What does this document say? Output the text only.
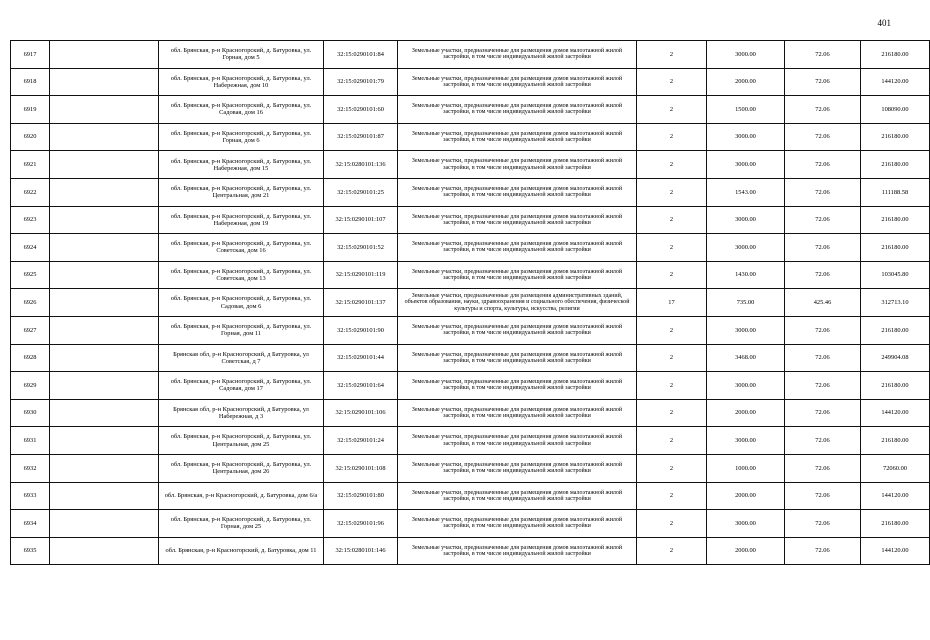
401
6917		обл. Брянская, р-н Красногорский, д. Батуровка, ул. Горная, дом 5	32:15:0290101:84	Земельные участки, предназначенные для размещения домов малоэтажной жилой застройки, в том числе индивидуальной жилой застройки	2	3000.00	72.06	216180.00
6918		обл. Брянская, р-н Красногорский, д. Батуровка, ул. Набережная, дом 10	32:15:0290101:79	Земельные участки, предназначенные для размещения домов малоэтажной жилой застройки, в том числе индивидуальной жилой застройки	2	2000.00	72.06	144120.00
6919		обл. Брянская, р-н Красногорский, д. Батуровка, ул. Садовая, дом 16	32:15:0290101:60	Земельные участки, предназначенные для размещения домов малоэтажной жилой застройки, в том числе индивидуальной жилой застройки	2	1500.00	72.06	108090.00
6920		обл. Брянская, р-н Красногорский, д. Батуровка, ул. Горная, дом 6	32:15:0290101:87	Земельные участки, предназначенные для размещения домов малоэтажной жилой застройки, в том числе индивидуальной жилой застройки	2	3000.00	72.06	216180.00
6921		обл. Брянская, р-н Красногорский, д. Батуровка, ул. Набережная, дом 15	32:15:0280101:136	Земельные участки, предназначенные для размещения домов малоэтажной жилой застройки, в том числе индивидуальной жилой застройки	2	3000.00	72.06	216180.00
6922		обл. Брянская, р-н Красногорский, д. Батуровка, ул. Центральная, дом 21	32:15:0290101:25	Земельные участки, предназначенные для размещения домов малоэтажной жилой застройки, в том числе индивидуальной жилой застройки	2	1543.00	72.06	111188.58
6923		обл. Брянская, р-н Красногорский, д. Батуровка, ул. Набережная, дом 19	32:15:0290101:107	Земельные участки, предназначенные для размещения домов малоэтажной жилой застройки, в том числе индивидуальной жилой застройки	2	3000.00	72.06	216180.00
6924		обл. Брянская, р-н Красногорский, д. Батуровка, ул. Советская, дом 16	32:15:0290101:52	Земельные участки, предназначенные для размещения домов малоэтажной жилой застройки, в том числе индивидуальной жилой застройки	2	3000.00	72.06	216180.00
6925		обл. Брянская, р-н Красногорский, д. Батуровка, ул. Советская, дом 13	32:15:0290101:119	Земельные участки, предназначенные для размещения домов малоэтажной жилой застройки, в том числе индивидуальной жилой застройки	2	1430.00	72.06	103045.80
6926		обл. Брянская, р-н Красногорский, д. Батуровка, ул. Садовая, дом 6	32:15:0290101:137	Земельные участки, предназначенные для размещения административных зданий, объектов образования, науки, здравоохранения и социального обеспечения, физической культуры и спорта, культуры, искусства, религии	17	735.00	425.46	312713.10
6927		обл. Брянская, р-н Красногорский, д. Батуровка, ул. Горная, дом 11	32:15:0290101:90	Земельные участки, предназначенные для размещения домов малоэтажной жилой застройки, в том числе индивидуальной жилой застройки	2	3000.00	72.06	216180.00
6928		Брянская обл, р-н Красногорский, д Батуровка, ул Советская, д 7	32:15:0290101:44	Земельные участки, предназначенные для размещения домов малоэтажной жилой застройки, в том числе индивидуальной жилой застройки	2	3468.00	72.06	249904.08
6929		обл. Брянская, р-н Красногорский, д. Батуровка, ул. Садовая, дом 17	32:15:0290101:64	Земельные участки, предназначенные для размещения домов малоэтажной жилой застройки, в том числе индивидуальной жилой застройки	2	3000.00	72.06	216180.00
6930		Брянская обл, р-н Красногорский, д Батуровка, ул Набережная, д 3	32:15:0290101:106	Земельные участки, предназначенные для размещения домов малоэтажной жилой застройки, в том числе индивидуальной жилой застройки	2	2000.00	72.06	144120.00
6931		обл. Брянская, р-н Красногорский, д. Батуровка, ул. Центральная, дом 25	32:15:0290101:24	Земельные участки, предназначенные для размещения домов малоэтажной жилой застройки, в том числе индивидуальной жилой застройки	2	3000.00	72.06	216180.00
6932		обл. Брянская, р-н Красногорский, д. Батуровка, ул. Центральная, дом 26	32:15:0290101:108	Земельные участки, предназначенные для размещения домов малоэтажной жилой застройки, в том числе индивидуальной жилой застройки	2	1000.00	72.06	72060.00
6933		обл. Брянская, р-н Красногорский, д. Батуровка, дом 6/а	32:15:0290101:80	Земельные участки, предназначенные для размещения домов малоэтажной жилой застройки, в том числе индивидуальной жилой застройки	2	2000.00	72.06	144120.00
6934		обл. Брянская, р-н Красногорский, д. Батуровка, ул. Горная, дом 25	32:15:0290101:96	Земельные участки, предназначенные для размещения домов малоэтажной жилой застройки, в том числе индивидуальной жилой застройки	2	3000.00	72.06	216180.00
6935		обл. Брянская, р-н Красногорский, д. Батуровка, дом 11	32:15:0280101:146	Земельные участки, предназначенные для размещения домов малоэтажной жилой застройки, в том числе индивидуальной жилой застройки	2	2000.00	72.06	144120.00
